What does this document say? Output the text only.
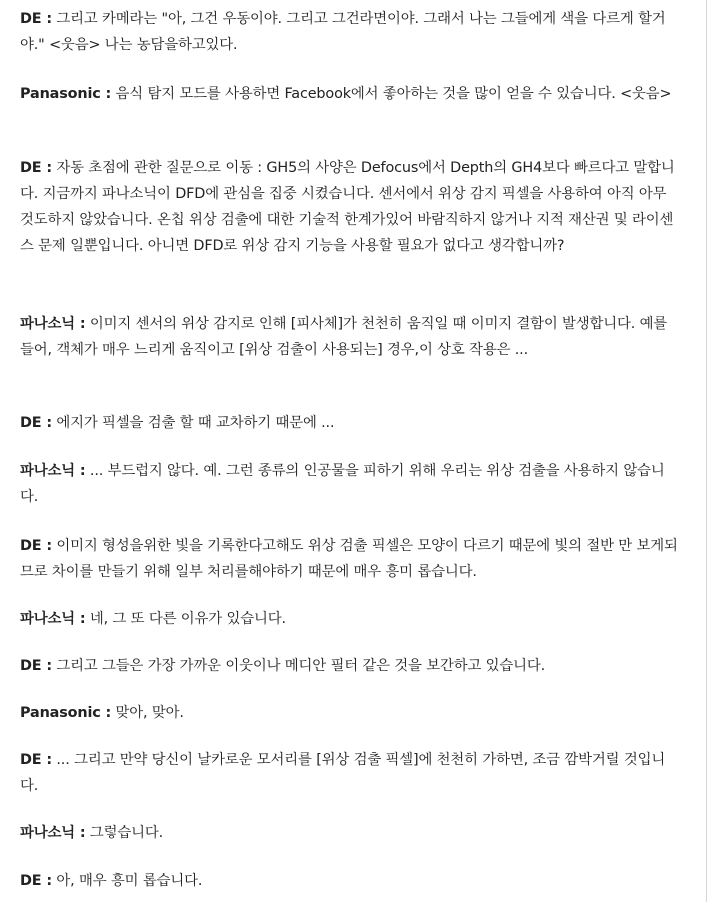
DE : 그리고 카메라는 "아, 그건 우동이야. 그리고 그건라면이야. 그래서 나는 그들에게 색을 다르게 할거야." <웃음> 나는 농담을하고있다.

Panasonic : 음식 탐지 모드를 사용하면 Facebook에서 좋아하는 것을 많이 얻을 수 있습니다. <웃음>

DE : 자동 초점에 관한 질문으로 이동 : GH5의 사양은 Defocus에서 Depth의 GH4보다 빠르다고 말합니다. 지금까지 파나소닉이 DFD에 관심을 집중 시켰습니다. 센서에서 위상 감지 픽셀을 사용하여 아직 아무 것도하지 않았습니다. 온칩 위상 검출에 대한 기술적 한계가있어 바람직하지 않거나 지적 재산권 및 라이센스 문제 일뿐입니다. 아니면 DFD로 위상 감지 기능을 사용할 필요가 없다고 생각합니까?

파나소닉 : 이미지 센서의 위상 감지로 인해 [피사체]가 천천히 움직일 때 이미지 결함이 발생합니다. 예를 들어, 객체가 매우 느리게 움직이고 [위상 검출이 사용되는] 경우,이 상호 작용은 ...

DE : 에지가 픽셀을 검출 할 때 교차하기 때문에 ...

파나소닉 : ... 부드럽지 않다. 예. 그런 종류의 인공물을 피하기 위해 우리는 위상 검출을 사용하지 않습니다.

DE : 이미지 형성을위한 빛을 기록한다고해도 위상 검출 픽셀은 모양이 다르기 때문에 빛의 절반 만 보게되므로 차이를 만들기 위해 일부 처리를해야하기 때문에 매우 흥미 롭습니다.

파나소닉 : 네, 그 또 다른 이유가 있습니다.

DE : 그리고 그들은 가장 가까운 이웃이나 메디안 필터 같은 것을 보간하고 있습니다.

Panasonic : 맞아, 맞아.

DE : ... 그리고 만약 당신이 날카로운 모서리를 [위상 검출 픽셀]에 천천히 가하면, 조금 깜박거릴 것입니다.

파나소닉 : 그렇습니다.

DE : 아, 매우 흥미 롭습니다.
